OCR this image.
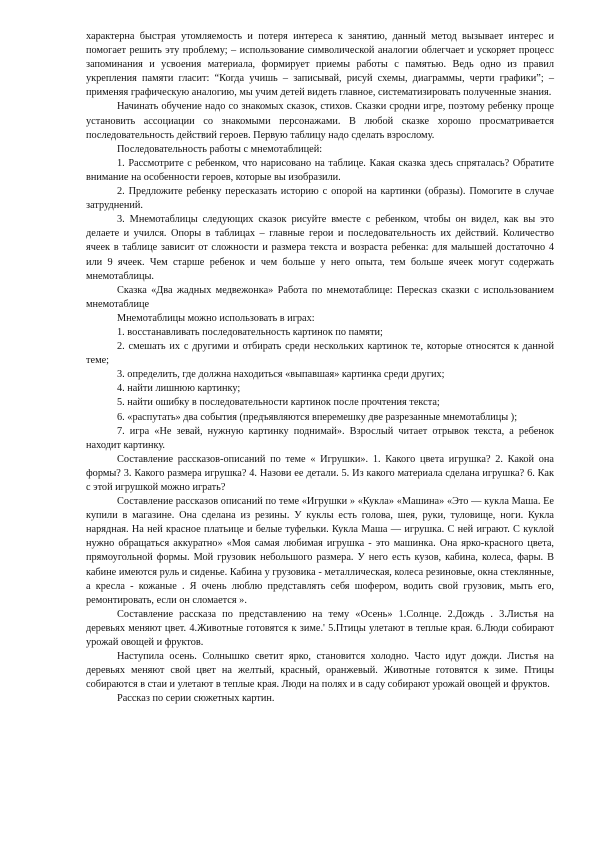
характерна быстрая утомляемость и потеря интереса к занятию, данный метод вызывает интерес и помогает решить эту проблему; – использование символической аналогии облегчает и ускоряет процесс запоминания и усвоения материала, формирует приемы работы с памятью. Ведь одно из правил укрепления памяти гласит: “Когда учишь – записывай, рисуй схемы, диаграммы, черти графики”; – применяя графическую аналогию, мы учим детей видеть главное, систематизировать полученные знания.

Начинать обучение надо со знакомых сказок, стихов. Сказки сродни игре, поэтому ребенку проще установить ассоциации со знакомыми персонажами. В любой сказке хорошо просматривается последовательность действий героев. Первую таблицу надо сделать взрослому.

Последовательность работы с мнемотаблицей:

1. Рассмотрите с ребенком, что нарисовано на таблице. Какая сказка здесь спряталась? Обратите внимание на особенности героев, которые вы изобразили.

2. Предложите ребенку пересказать историю с опорой на картинки (образы). Помогите в случае затруднений.

3. Мнемотаблицы следующих сказок рисуйте вместе с ребенком, чтобы он видел, как вы это делаете и учился. Опоры в таблицах – главные герои и последовательность их действий. Количество ячеек в таблице зависит от сложности и размера текста и возраста ребенка: для малышей достаточно 4 или 9 ячеек. Чем старше ребенок и чем больше у него опыта, тем больше ячеек могут содержать мнемотаблицы.

Сказка «Два жадных медвежонка» Работа по мнемотаблице: Пересказ сказки с использованием мнемотаблице

Мнемотаблицы можно использовать в играх:

1. восстанавливать последовательность картинок по памяти;

2. смешать их с другими и отбирать среди нескольких картинок те, которые относятся к данной теме;

3. определить, где должна находиться «выпавшая» картинка среди других;

4. найти лишнюю картинку;

5. найти ошибку в последовательности картинок после прочтения текста;

6. «распутать» два события (предъявляются вперемешку две разрезанные мнемотаблицы );

7. игра «Не зевай, нужную картинку поднимай». Взрослый читает отрывок текста, а ребенок находит картинку.

Составление рассказов-описаний по теме « Игрушки». 1. Какого цвета игрушка? 2. Какой она формы? 3. Какого размера игрушка? 4. Назови ее детали. 5. Из какого материала сделана игрушка? 6. Как с этой игрушкой можно играть?

Составление рассказов описаний по теме «Игрушки » «Кукла» «Машина» «Это — кукла Маша. Ее купили в магазине. Она сделана из резины. У куклы есть голова, шея, руки, туловище, ноги. Кукла нарядная. На ней красное платьице и белые туфельки. Кукла Маша — игрушка. С ней играют. С куклой нужно обращаться аккуратно» «Моя самая любимая игрушка - это машинка. Она ярко-красного цвета, прямоугольной формы. Мой грузовик небольшого размера. У него есть кузов, кабина, колеса, фары. В кабине имеются руль и сиденье. Кабина у грузовика - металлическая, колеса резиновые, окна стеклянные, а кресла - кожаные . Я очень люблю представлять себя шофером, водить свой грузовик, мыть его, ремонтировать, если он сломается ».

Составление рассказа по представлению на тему «Осень» 1.Солнце. 2.Дождь . 3.Листья на деревьях меняют цвет. 4.Животные готовятся к зиме.' 5.Птицы улетают в теплые края. 6.Люди собирают урожай овощей и фруктов.

Наступила осень. Солнышко светит ярко, становится холодно. Часто идут дожди. Листья на деревьях меняют свой цвет на желтый, красный, оранжевый. Животные готовятся к зиме. Птицы собираются в стаи и улетают в теплые края. Люди на полях и в саду собирают урожай овощей и фруктов.

Рассказ по серии сюжетных картин.
